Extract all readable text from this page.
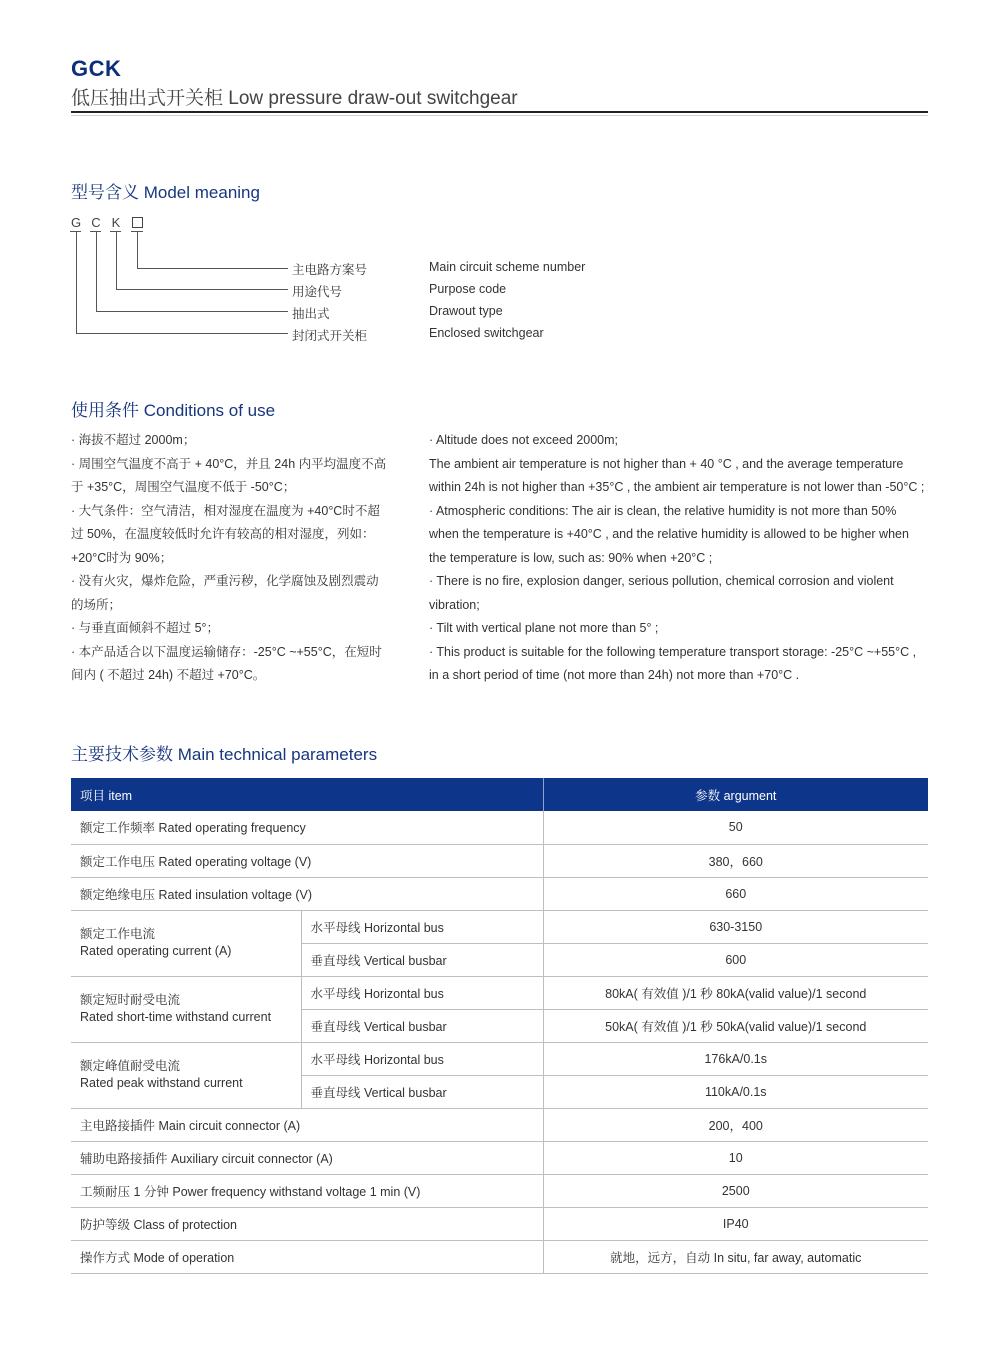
GCK
低压抽出式开关柜 Low pressure draw-out switchgear
型号含义 Model meaning
G C K
主电路方案号
用途代号
抽出式
封闭式开关柜
Main circuit scheme number
Purpose code
Drawout type
Enclosed switchgear
使用条件 Conditions of use

· 海拔不超过 2000m；

· 周围空气温度不高于 + 40°C，并且 24h 内平均温度不高

于 +35°C，周围空气温度不低于 -50°C；

· 大气条件：空气清洁，相对湿度在温度为 +40°C时不超

过 50%，在温度较低时允许有较高的相对湿度，列如：

+20°C时为 90%；

· 没有火灾，爆炸危险，严重污秽，化学腐蚀及剧烈震动

的场所；

· 与垂直面倾斜不超过 5°；

· 本产品适合以下温度运输储存：-25°C ~+55°C，在短时

间内 ( 不超过 24h) 不超过 +70°C。

· Altitude does not exceed 2000m;

The ambient air temperature is not higher than + 40 °C , and the average temperature

within 24h is not higher than +35°C , the ambient air temperature is not lower than -50°C ;

· Atmospheric conditions: The air is clean, the relative humidity is not more than 50%

when the temperature is +40°C , and the relative humidity is allowed to be higher when

the temperature is low, such as: 90% when +20°C ;

· There is no fire, explosion danger, serious pollution, chemical corrosion and violent

vibration;

· Tilt with vertical plane not more than 5° ;

· This product is suitable for the following temperature transport storage: -25°C ~+55°C ,

in a short period of time (not more than 24h) not more than +70°C .

主要技术参数 Main technical parameters
项目 item		参数 argument
额定工作频率 Rated operating frequency		50
额定工作电压 Rated operating voltage (V)		380，660
额定绝缘电压 Rated insulation voltage (V)		660

额定工作电流
Rated operating current (A)	水平母线 Horizontal bus	630-3150
	垂直母线 Vertical busbar	600

额定短时耐受电流
Rated short-time withstand current	水平母线 Horizontal bus	80kA( 有效值 )/1 秒 80kA(valid value)/1 second
	垂直母线 Vertical busbar	50kA( 有效值 )/1 秒 50kA(valid value)/1 second

额定峰值耐受电流
Rated peak withstand current	水平母线 Horizontal bus	176kA/0.1s
	垂直母线 Vertical busbar	110kA/0.1s
主电路接插件 Main circuit connector (A)		200，400
辅助电路接插件 Auxiliary circuit connector (A)		10
工频耐压 1 分钟 Power frequency withstand voltage 1 min (V)		2500
防护等级 Class of protection		IP40
操作方式 Mode of operation		就地，远方，自动 In situ, far away, automatic
